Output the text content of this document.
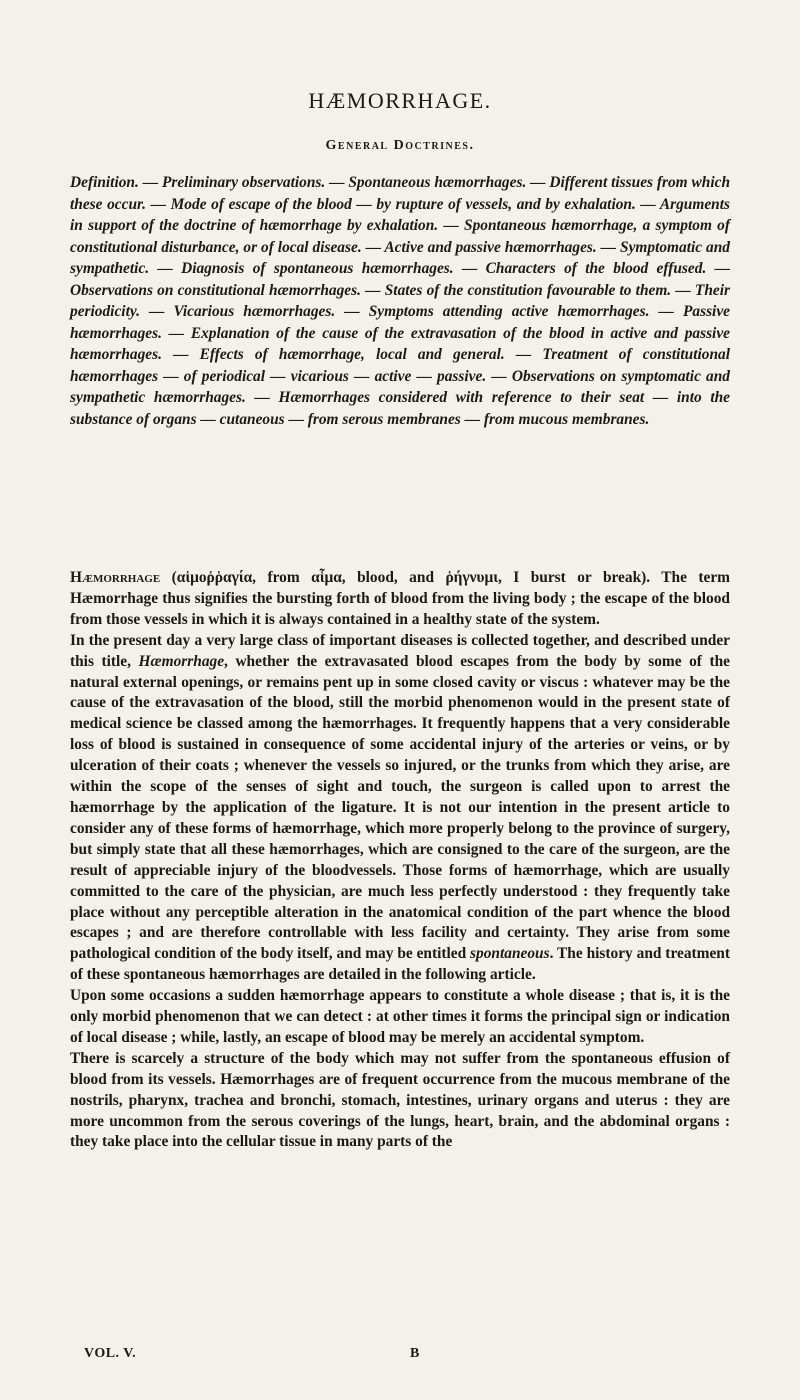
HÆMORRHAGE.
General Doctrines.

Definition. — Preliminary observations. — Spontaneous hæmorrhages. — Different tissues from which these occur. — Mode of escape of the blood — by rupture of vessels, and by exhalation. — Arguments in support of the doctrine of hæmorrhage by exhalation. — Spontaneous hæmorrhage, a symptom of constitutional disturbance, or of local disease. — Active and passive hæmorrhages. — Symptomatic and sympathetic. — Diagnosis of spontaneous hæmorrhages. — Characters of the blood effused. — Observations on constitutional hæmorrhages. — States of the constitution favourable to them. — Their periodicity. — Vicarious hæmorrhages. — Symptoms attending active hæmorrhages. — Passive hæmorrhages. — Explanation of the cause of the extravasation of the blood in active and passive hæmorrhages. — Effects of hæmorrhage, local and general. — Treatment of constitutional hæmorrhages — of periodical — vicarious — active — passive. — Observations on symptomatic and sympathetic hæmorrhages. — Hæmorrhages considered with reference to their seat — into the substance of organs — cutaneous — from serous membranes — from mucous membranes.

Hæmorrhage (αἱμοῤῥαγία, from αἷμα, blood, and ῥήγνυμι, I burst or break). The term Hæmorrhage thus signifies the bursting forth of blood from the living body ; the escape of the blood from those vessels in which it is always contained in a healthy state of the system.

In the present day a very large class of important diseases is collected together, and described under this title, Hæmorrhage, whether the extravasated blood escapes from the body by some of the natural external openings, or remains pent up in some closed cavity or viscus : whatever may be the cause of the extravasation of the blood, still the morbid phenomenon would in the present state of medical science be classed among the hæmorrhages. It frequently happens that a very considerable loss of blood is sustained in consequence of some accidental injury of the arteries or veins, or by ulceration of their coats ; whenever the vessels so injured, or the trunks from which they arise, are within the scope of the senses of sight and touch, the surgeon is called upon to arrest the hæmorrhage by the application of the ligature. It is not our intention in the present article to consider any of these forms of hæmorrhage, which more properly belong to the province of surgery, but simply state that all these hæmorrhages, which are consigned to the care of the surgeon, are the result of appreciable injury of the bloodvessels. Those forms of hæmorrhage, which are usually committed to the care of the physician, are much less perfectly understood : they frequently take place without any perceptible alteration in the anatomical condition of the part whence the blood escapes ; and are therefore controllable with less facility and certainty. They arise from some pathological condition of the body itself, and may be entitled spontaneous. The history and treatment of these spontaneous hæmorrhages are detailed in the following article.

Upon some occasions a sudden hæmorrhage appears to constitute a whole disease ; that is, it is the only morbid phenomenon that we can detect : at other times it forms the principal sign or indication of local disease ; while, lastly, an escape of blood may be merely an accidental symptom.

There is scarcely a structure of the body which may not suffer from the spontaneous effusion of blood from its vessels. Hæmorrhages are of frequent occurrence from the mucous membrane of the nostrils, pharynx, trachea and bronchi, stomach, intestines, urinary organs and uterus : they are more uncommon from the serous coverings of the lungs, heart, brain, and the abdominal organs : they take place into the cellular tissue in many parts of the

VOL. V.	B
